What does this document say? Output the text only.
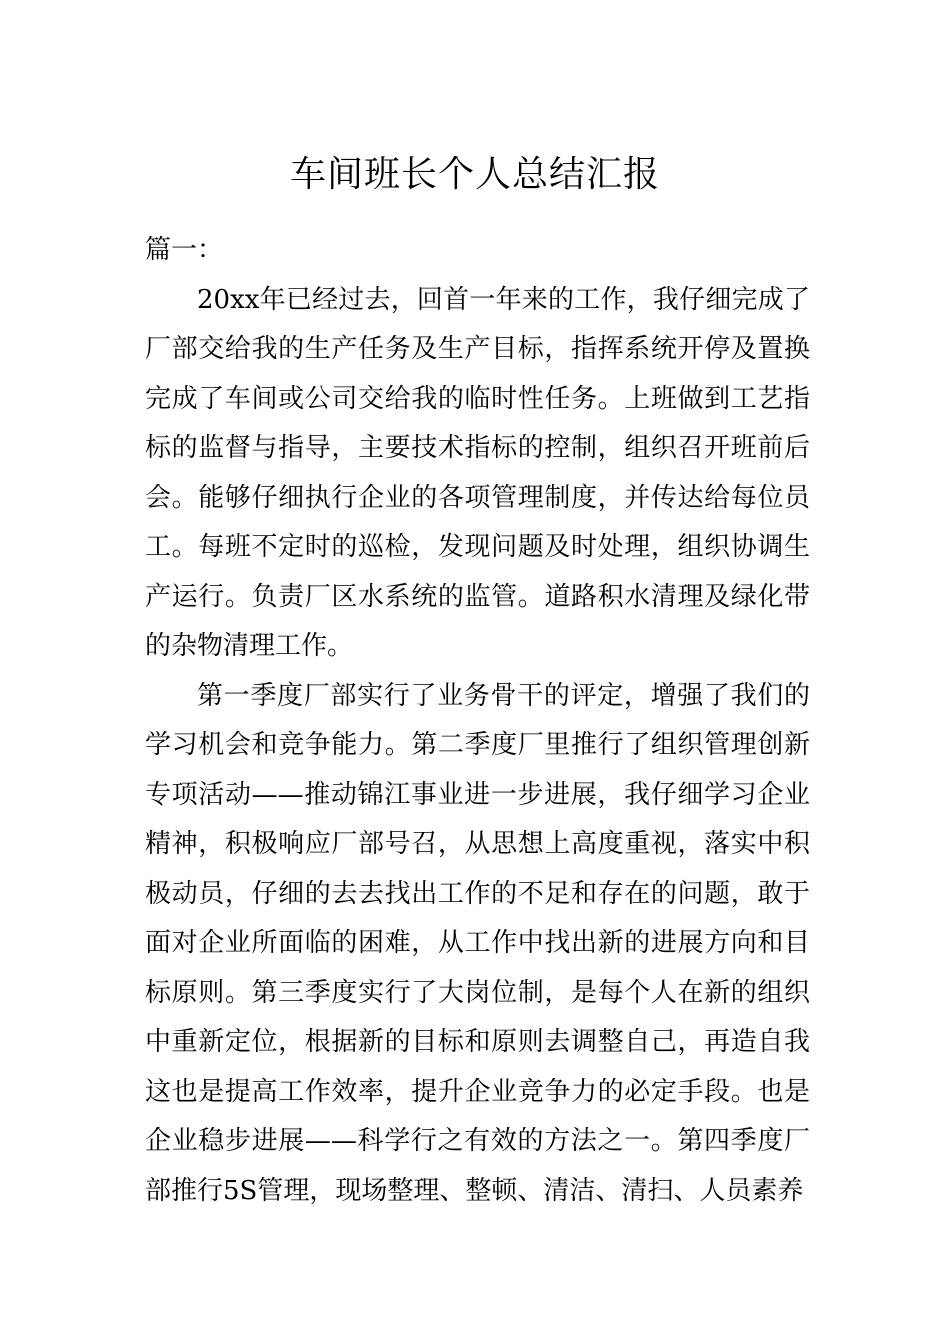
车间班长个人总结汇报

篇一：

20xx年已经过去，回首一年来的工作，我仔细完成了厂部交给我的生产任务及生产目标，指挥系统开停及置换完成了车间或公司交给我的临时性任务。上班做到工艺指标的监督与指导，主要技术指标的控制，组织召开班前后会。能够仔细执行企业的各项管理制度，并传达给每位员工。每班不定时的巡检，发现问题及时处理，组织协调生产运行。负责厂区水系统的监管。道路积水清理及绿化带的杂物清理工作。

第一季度厂部实行了业务骨干的评定，增强了我们的学习机会和竞争能力。第二季度厂里推行了组织管理创新专项活动——推动锦江事业进一步进展，我仔细学习企业精神，积极响应厂部号召，从思想上高度重视，落实中积极动员，仔细的去去找出工作的不足和存在的问题，敢于面对企业所面临的困难，从工作中找出新的进展方向和目标原则。第三季度实行了大岗位制，是每个人在新的组织中重新定位，根据新的目标和原则去调整自己，再造自我这也是提高工作效率，提升企业竞争力的必定手段。也是企业稳步进展——科学行之有效的方法之一。第四季度厂部推行5S管理，现场整理、整顿、清洁、清扫、人员素养
